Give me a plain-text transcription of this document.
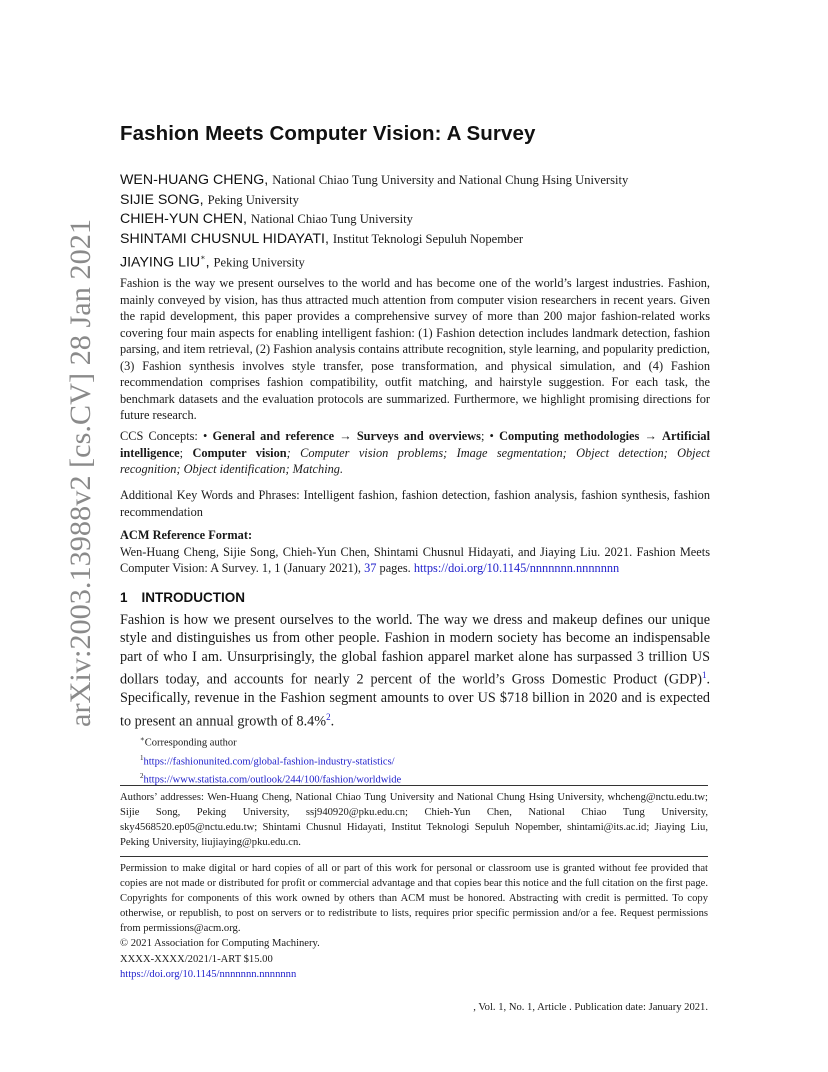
arXiv:2003.13988v2 [cs.CV] 28 Jan 2021
Fashion Meets Computer Vision: A Survey
WEN-HUANG CHENG, National Chiao Tung University and National Chung Hsing University
SIJIE SONG, Peking University
CHIEH-YUN CHEN, National Chiao Tung University
SHINTAMI CHUSNUL HIDAYATI, Institut Teknologi Sepuluh Nopember
JIAYING LIU∗, Peking University

Fashion is the way we present ourselves to the world and has become one of the world’s largest industries. Fashion, mainly conveyed by vision, has thus attracted much attention from computer vision researchers in recent years. Given the rapid development, this paper provides a comprehensive survey of more than 200 major fashion-related works covering four main aspects for enabling intelligent fashion: (1) Fashion detection includes landmark detection, fashion parsing, and item retrieval, (2) Fashion analysis contains attribute recognition, style learning, and popularity prediction, (3) Fashion synthesis involves style transfer, pose transformation, and physical simulation, and (4) Fashion recommendation comprises fashion compatibility, outfit matching, and hairstyle suggestion. For each task, the benchmark datasets and the evaluation protocols are summarized. Furthermore, we highlight promising directions for future research.

CCS Concepts: • General and reference → Surveys and overviews; • Computing methodologies → Artificial intelligence; Computer vision; Computer vision problems; Image segmentation; Object detection; Object recognition; Object identification; Matching.

Additional Key Words and Phrases: Intelligent fashion, fashion detection, fashion analysis, fashion synthesis, fashion recommendation

ACM Reference Format:
Wen-Huang Cheng, Sijie Song, Chieh-Yun Chen, Shintami Chusnul Hidayati, and Jiaying Liu. 2021. Fashion Meets Computer Vision: A Survey. 1, 1 (January 2021), 37 pages. https://doi.org/10.1145/nnnnnnn.nnnnnnn
1 INTRODUCTION

Fashion is how we present ourselves to the world. The way we dress and makeup defines our unique style and distinguishes us from other people. Fashion in modern society has become an indispensable part of who I am. Unsurprisingly, the global fashion apparel market alone has surpassed 3 trillion US dollars today, and accounts for nearly 2 percent of the world’s Gross Domestic Product (GDP)$^1$. Specifically, revenue in the Fashion segment amounts to over US $718 billion in 2020 and is expected to present an annual growth of 8.4%$^2$.

∗Corresponding author
$^1$https://fashionunited.com/global-fashion-industry-statistics/
$^2$https://www.statista.com/outlook/244/100/fashion/worldwide

Authors’ addresses: Wen-Huang Cheng, National Chiao Tung University and National Chung Hsing University, whcheng@nctu.edu.tw; Sijie Song, Peking University, ssj940920@pku.edu.cn; Chieh-Yun Chen, National Chiao Tung University, sky4568520.ep05@nctu.edu.tw; Shintami Chusnul Hidayati, Institut Teknologi Sepuluh Nopember, shintami@its.ac.id; Jiaying Liu, Peking University, liujiaying@pku.edu.cn.

Permission to make digital or hard copies of all or part of this work for personal or classroom use is granted without fee provided that copies are not made or distributed for profit or commercial advantage and that copies bear this notice and the full citation on the first page. Copyrights for components of this work owned by others than ACM must be honored. Abstracting with credit is permitted. To copy otherwise, or republish, to post on servers or to redistribute to lists, requires prior specific permission and/or a fee. Request permissions from permissions@acm.org.

© 2021 Association for Computing Machinery.
XXXX-XXXX/2021/1-ART $15.00
https://doi.org/10.1145/nnnnnnn.nnnnnnn
, Vol. 1, No. 1, Article . Publication date: January 2021.
